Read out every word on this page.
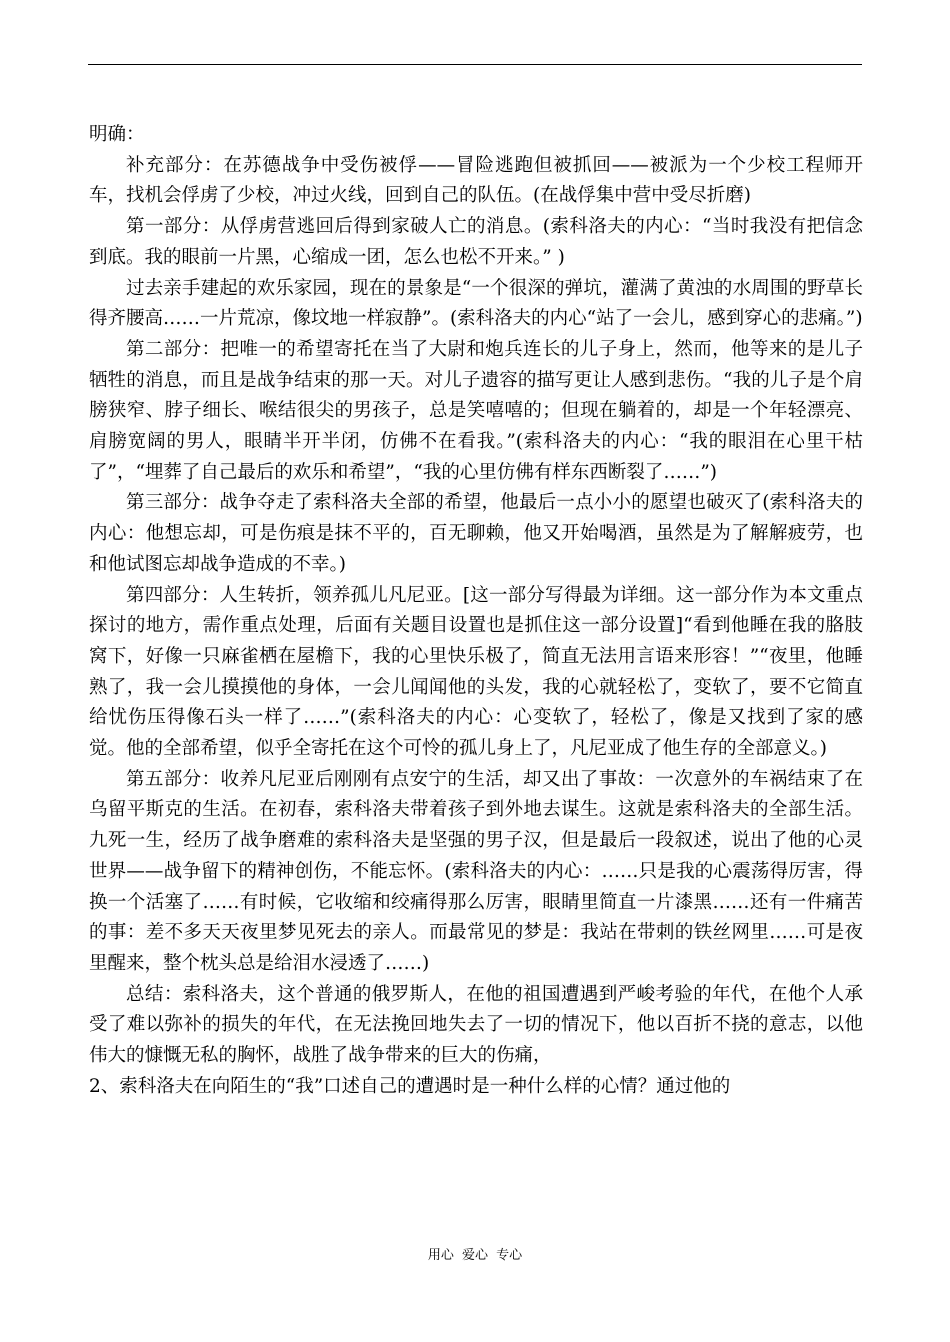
明确：

补充部分：在苏德战争中受伤被俘——冒险逃跑但被抓回——被派为一个少校工程师开车，找机会俘虏了少校，冲过火线，回到自己的队伍。(在战俘集中营中受尽折磨)

第一部分：从俘虏营逃回后得到家破人亡的消息。(索科洛夫的内心：“当时我没有把信念到底。我的眼前一片黑，心缩成一团，怎么也松不开来。” )

过去亲手建起的欢乐家园，现在的景象是“一个很深的弹坑，灌满了黄浊的水周围的野草长得齐腰高……一片荒凉，像坟地一样寂静”。(索科洛夫的内心“站了一会儿，感到穿心的悲痛。”)

第二部分：把唯一的希望寄托在当了大尉和炮兵连长的儿子身上，然而，他等来的是儿子牺牲的消息，而且是战争结束的那一天。对儿子遗容的描写更让人感到悲伤。“我的儿子是个肩膀狭窄、脖子细长、喉结很尖的男孩子，总是笑嘻嘻的；但现在躺着的，却是一个年轻漂亮、肩膀宽阔的男人，眼睛半开半闭，仿佛不在看我。”(索科洛夫的内心：“我的眼泪在心里干枯了”，“埋葬了自己最后的欢乐和希望”，“我的心里仿佛有样东西断裂了……”)

第三部分：战争夺走了索科洛夫全部的希望，他最后一点小小的愿望也破灭了(索科洛夫的内心：他想忘却，可是伤痕是抹不平的，百无聊赖，他又开始喝酒，虽然是为了解解疲劳，也和他试图忘却战争造成的不幸。)

第四部分：人生转折，领养孤儿凡尼亚。[这一部分写得最为详细。这一部分作为本文重点探讨的地方，需作重点处理，后面有关题目设置也是抓住这一部分设置]“看到他睡在我的胳肢窝下，好像一只麻雀栖在屋檐下，我的心里快乐极了，简直无法用言语来形容！”“夜里，他睡熟了，我一会儿摸摸他的身体，一会儿闻闻他的头发，我的心就轻松了，变软了，要不它简直给忧伤压得像石头一样了……”(索科洛夫的内心：心变软了，轻松了，像是又找到了家的感觉。他的全部希望，似乎全寄托在这个可怜的孤儿身上了，凡尼亚成了他生存的全部意义。)

第五部分：收养凡尼亚后刚刚有点安宁的生活，却又出了事故：一次意外的车祸结束了在乌留平斯克的生活。在初春，索科洛夫带着孩子到外地去谋生。这就是索科洛夫的全部生活。九死一生，经历了战争磨难的索科洛夫是坚强的男子汉，但是最后一段叙述，说出了他的心灵世界——战争留下的精神创伤，不能忘怀。(索科洛夫的内心：……只是我的心震荡得厉害，得换一个活塞了……有时候，它收缩和绞痛得那么厉害，眼睛里简直一片漆黑……还有一件痛苦的事：差不多天天夜里梦见死去的亲人。而最常见的梦是：我站在带刺的铁丝网里……可是夜里醒来，整个枕头总是给泪水浸透了……)

总结：索科洛夫，这个普通的俄罗斯人，在他的祖国遭遇到严峻考验的年代，在他个人承受了难以弥补的损失的年代，在无法挽回地失去了一切的情况下，他以百折不挠的意志，以他伟大的慷慨无私的胸怀，战胜了战争带来的巨大的伤痛，

2、索科洛夫在向陌生的“我”口述自己的遭遇时是一种什么样的心情？通过他的

用心 爱心 专心
